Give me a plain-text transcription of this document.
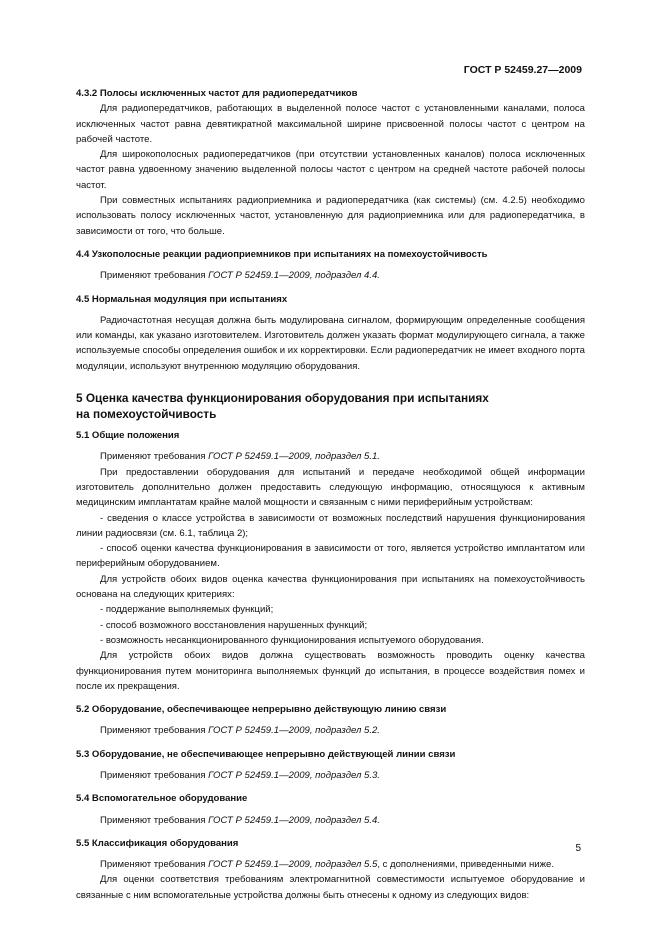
ГОСТ Р 52459.27—2009

4.3.2 Полосы исключенных частот для радиопередатчиков

Для радиопередатчиков, работающих в выделенной полосе частот с установленными каналами, полоса исключенных частот равна девятикратной максимальной ширине присвоенной полосы частот с центром на рабочей частоте.

Для широкополосных радиопередатчиков (при отсутствии установленных каналов) полоса исключенных частот равна удвоенному значению выделенной полосы частот с центром на средней частоте рабочей полосы частот.

При совместных испытаниях радиоприемника и радиопередатчика (как системы) (см. 4.2.5) необходимо использовать полосу исключенных частот, установленную для радиоприемника или для радиопередатчика, в зависимости от того, что больше.

4.4 Узкополосные реакции радиоприемников при испытаниях на помехоустойчивость

Применяют требования ГОСТ Р 52459.1—2009, подраздел 4.4.

4.5 Нормальная модуляция при испытаниях

Радиочастотная несущая должна быть модулирована сигналом, формирующим определенные сообщения или команды, как указано изготовителем. Изготовитель должен указать формат модулирующего сигнала, а также используемые способы определения ошибок и их корректировки. Если радиопередатчик не имеет входного порта модуляции, используют внутреннюю модуляцию оборудования.

5 Оценка качества функционирования оборудования при испытаниях
на помехоустойчивость

5.1 Общие положения

Применяют требования ГОСТ Р 52459.1—2009, подраздел 5.1.

При предоставлении оборудования для испытаний и передаче необходимой общей информации изготовитель дополнительно должен предоставить следующую информацию, относящуюся к активным медицинским имплантатам крайне малой мощности и связанным с ними периферийным устройствам:

- сведения о классе устройства в зависимости от возможных последствий нарушения функционирования линии радиосвязи (см. 6.1, таблица 2);

- способ оценки качества функционирования в зависимости от того, является устройство имплантатом или периферийным оборудованием.

Для устройств обоих видов оценка качества функционирования при испытаниях на помехоустойчивость основана на следующих критериях:

- поддержание выполняемых функций;

- способ возможного восстановления нарушенных функций;

- возможность несанкционированного функционирования испытуемого оборудования.

Для устройств обоих видов должна существовать возможность проводить оценку качества функционирования путем мониторинга выполняемых функций до испытания, в процессе воздействия помех и после их прекращения.

5.2 Оборудование, обеспечивающее непрерывно действующую линию связи

Применяют требования ГОСТ Р 52459.1—2009, подраздел 5.2.

5.3 Оборудование, не обеспечивающее непрерывно действующей линии связи

Применяют требования ГОСТ Р 52459.1—2009, подраздел 5.3.

5.4 Вспомогательное оборудование

Применяют требования ГОСТ Р 52459.1—2009, подраздел 5.4.

5.5 Классификация оборудования

Применяют требования ГОСТ Р 52459.1—2009, подраздел 5.5, с дополнениями, приведенными ниже.

Для оценки соответствия требованиям электромагнитной совместимости испытуемое оборудование и связанные с ним вспомогательные устройства должны быть отнесены к одному из следующих видов:

5
